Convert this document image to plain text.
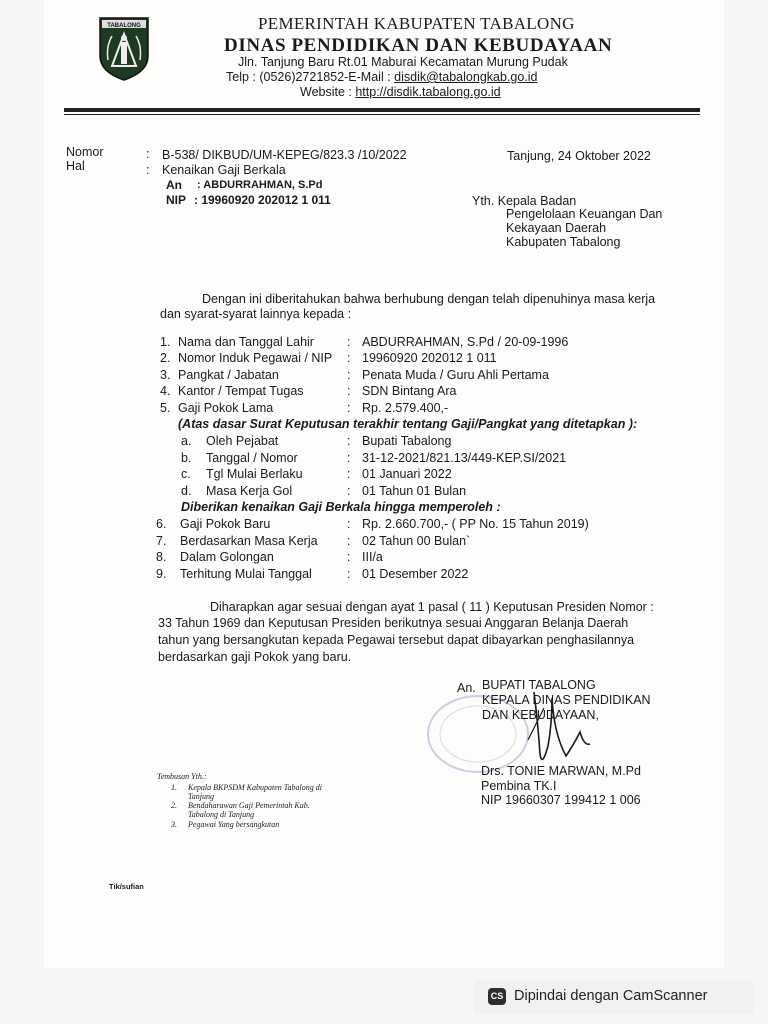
TABALONG	PEMERINTAH KABUPATEN TABALONG
DINAS PENDIDIKAN DAN KEBUDAYAAN
Jln. Tanjung Baru Rt.01 Maburai Kecamatan Murung Pudak
Telp : (0526)2721852-E-Mail : disdik@tabalongkab.go.id
Website : http://disdik.tabalong.go.id
Nomor	: B-538/ DIKBUD/UM-KEPEG/823.3 /10/2022
Hal	: Kenaikan Gaji Berkala
An : ABDURRAHMAN, S.Pd
NIP : 19960920 202012 1 011
Tanjung, 24 Oktober 2022
Yth. Kepala Badan
Pengelolaan Keuangan Dan
Kekayaan Daerah
Kabupaten Tabalong
Dengan ini diberitahukan bahwa berhubung dengan telah dipenuhinya masa kerja
dan syarat-syarat lainnya kepada :
1. Nama dan Tanggal Lahir	: ABDURRAHMAN, S.Pd / 20-09-1996
2. Nomor Induk Pegawai / NIP : 19960920 202012 1 011
3. Pangkat / Jabatan	: Penata Muda / Guru Ahli Pertama
4. Kantor / Tempat Tugas	: SDN Bintang Ara
5. Gaji Pokok Lama	: Rp. 2.579.400,-
(Atas dasar Surat Keputusan terakhir tentang Gaji/Pangkat yang ditetapkan ):
a. Oleh Pejabat	: Bupati Tabalong
b. Tanggal / Nomor	: 31-12-2021/821.13/449-KEP.SI/2021
c. Tgl Mulai Berlaku	: 01 Januari 2022
d. Masa Kerja Gol	: 01 Tahun 01 Bulan
Diberikan kenaikan Gaji Berkala hingga memperoleh :
6. Gaji Pokok Baru	: Rp. 2.660.700,- ( PP No. 15 Tahun 2019)
7. Berdasarkan Masa Kerja : 02 Tahun 00 Bulan`
8. Dalam Golongan	: III/a
9. Terhitung Mulai Tanggal	: 01 Desember 2022
Diharapkan agar sesuai dengan ayat 1 pasal ( 11 ) Keputusan Presiden Nomor :
33 Tahun 1969 dan Keputusan Presiden berikutnya sesuai Anggaran Belanja Daerah
tahun yang bersangkutan kepada Pegawai tersebut dapat dibayarkan penghasilannya
berdasarkan gaji Pokok yang baru.
An. BUPATI TABALONG
KEPALA DINAS PENDIDIKAN
DAN KEBUDAYAAN,
Drs. TONIE MARWAN, M.Pd
Pembina TK.I
NIP 19660307 199412 1 006
Tembusan Yth.:
1. Kepala BKPSDM Kabupaten Tabalong di
Tanjung
2. Bendaharawan Gaji Pemerintah Kab.
Tabalong di Tanjung
3. Pegawai Yang bersangkutan
Tik/sufian
CS Dipindai dengan CamScanner
